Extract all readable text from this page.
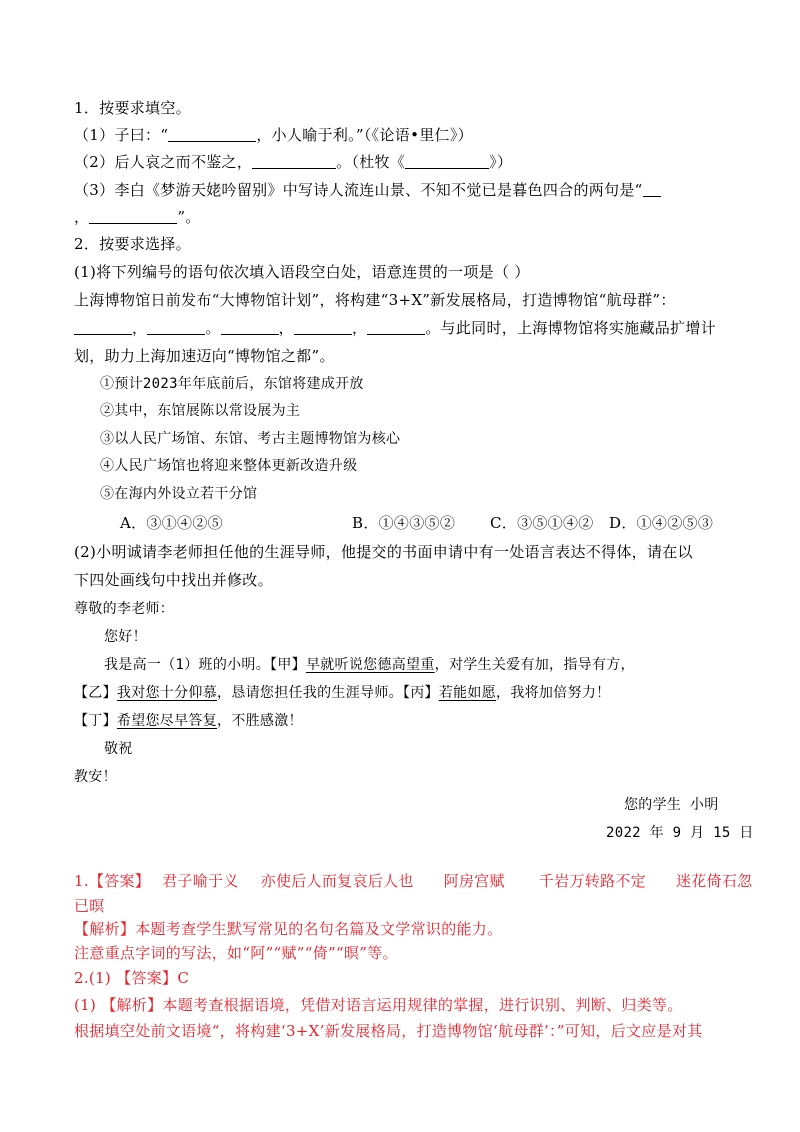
1．按要求填空。
（1）子曰：“	，小人喻于利。”（《论语•里仁》）
（2）后人哀之而不鉴之，	。（杜牧《	》）
（3）李白《梦游天姥吟留别》中写诗人流连山景、不知不觉已是暮色四合的两句是“
，	”。
2．按要求选择。
(1)将下列编号的语句依次填入语段空白处，语意连贯的一项是（ ）
上海博物馆日前发布“大博物馆计划”，将构建“3+X”新发展格局，打造博物馆“航母群”：
，	。	，	，	。与此同时，上海博物馆将实施藏品扩增计
划，助力上海加速迈向“博物馆之都”。
①预计2023年年底前后，东馆将建成开放
②其中，东馆展陈以常设展为主
③以人民广场馆、东馆、考古主题博物馆为核心
④人民广场馆也将迎来整体更新改造升级
⑤在海内外设立若干分馆
A．③①④②⑤	B．①④③⑤② C．③⑤①④② D．①④②⑤③
(2)小明诚请李老师担任他的生涯导师，他提交的书面申请中有一处语言表达不得体，请在以
下四处画线句中找出并修改。
尊敬的李老师：
您好！
我是高一（1）班的小明。【甲】早就听说您德高望重，对学生关爱有加，指导有方，
【乙】我对您十分仰慕，恳请您担任我的生涯导师。【丙】若能如愿，我将加倍努力！
【丁】希望您尽早答复，不胜感激！
敬祝
教安！
您的学生 小明
2022 年 9 月 15 日
1.【答案】 君子喻于义 亦使后人而复哀后人也 阿房宫赋 千岩万转路不定 迷花倚石忽
已暝
【解析】本题考查学生默写常见的名句名篇及文学常识的能力。
注意重点字词的写法，如“阿”“赋”“倚”“暝”等。
2.(1) 【答案】C
(1) 【解析】本题考查根据语境，凭借对语言运用规律的掌握，进行识别、判断、归类等。
根据填空处前文语境“，将构建‘3+X’新发展格局，打造博物馆‘航母群’：”可知，后文应是对其
